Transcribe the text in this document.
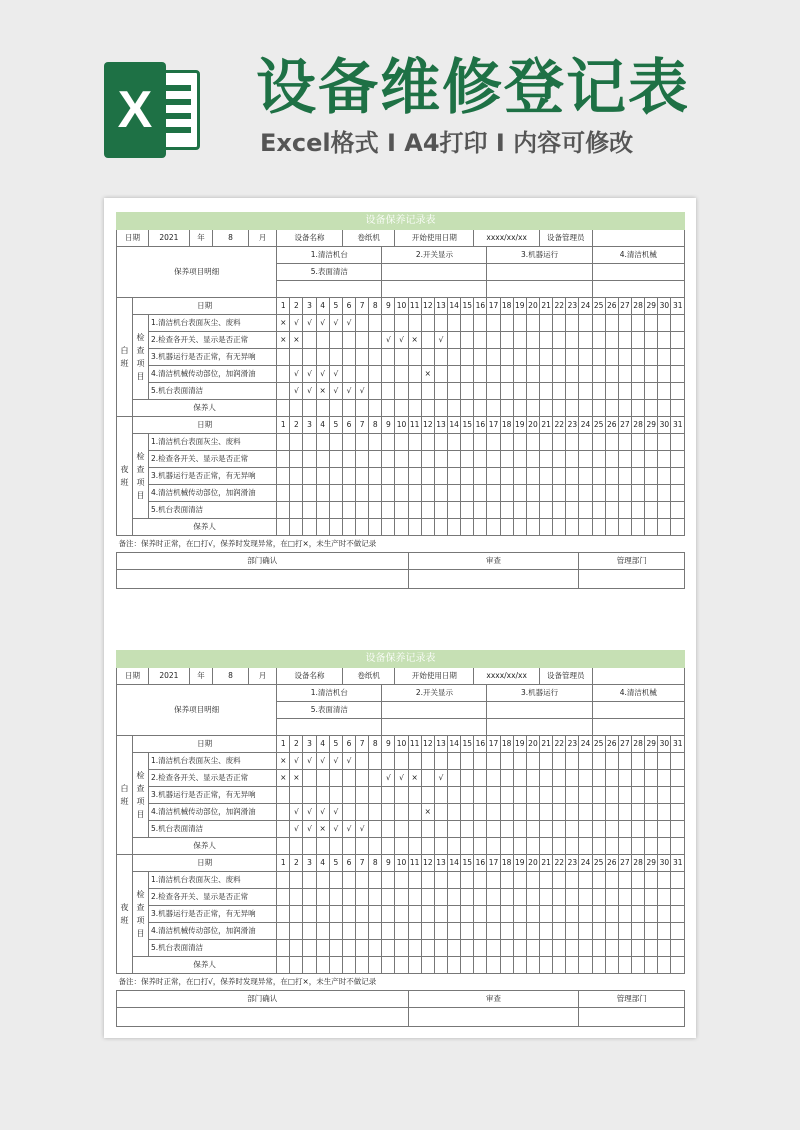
X 设备维修登记表
Excel格式 I A4打印 I 内容可修改
设备保养记录表
日期		2021	年	8	月
		设备名称	卷纸机	开始使用日期	xxxx/xx/xx	设备管理员	
保养项目明细	1.清洁机台	2.开关显示	3.机器运行	4.清洁机械
5.表面清洁			

白班
	日期	1	2	3	4	5	6	7	8	9	10	11	12	13	14	15	16	17	18	19	20	21	22	23	24	25	26	27	28	29	30	31

检查项目
	1.清洁机台表面灰尘、废料	×	√	√	√	√	√																									
2.检查各开关、显示是否正常	×	×							√	√	×		√																		
3.机器运行是否正常，有无异响																															
4.清洁机械传动部位，加润滑油		√	√	√	√							×																			
5.机台表面清洁		√	√	×	√	√	√																								
保养人																															

夜班
	日期	1	2	3	4	5	6	7	8	9	10	11	12	13	14	15	16	17	18	19	20	21	22	23	24	25	26	27	28	29	30	31

检查项目
	1.清洁机台表面灰尘、废料																															
2.检查各开关、显示是否正常																															
3.机器运行是否正常，有无异响																															
4.清洁机械传动部位，加润滑油																															
5.机台表面清洁																															
保养人																															
备注：保养时正常，在□打√，保养时发现异常，在□打×，未生产时不做记录
部门确认	审查	管理部门

设备保养记录表
日期		2021	年	8	月
		设备名称	卷纸机	开始使用日期	xxxx/xx/xx	设备管理员	
保养项目明细	1.清洁机台	2.开关显示	3.机器运行	4.清洁机械
5.表面清洁			

白班
	日期	1	2	3	4	5	6	7	8	9	10	11	12	13	14	15	16	17	18	19	20	21	22	23	24	25	26	27	28	29	30	31

检查项目
	1.清洁机台表面灰尘、废料	×	√	√	√	√	√																									
2.检查各开关、显示是否正常	×	×							√	√	×		√																		
3.机器运行是否正常，有无异响																															
4.清洁机械传动部位，加润滑油		√	√	√	√							×																			
5.机台表面清洁		√	√	×	√	√	√																								
保养人																															

夜班
	日期	1	2	3	4	5	6	7	8	9	10	11	12	13	14	15	16	17	18	19	20	21	22	23	24	25	26	27	28	29	30	31

检查项目
	1.清洁机台表面灰尘、废料																															
2.检查各开关、显示是否正常																															
3.机器运行是否正常，有无异响																															
4.清洁机械传动部位，加润滑油																															
5.机台表面清洁																															
保养人																															
备注：保养时正常，在□打√，保养时发现异常，在□打×，未生产时不做记录
部门确认	审查	管理部门
